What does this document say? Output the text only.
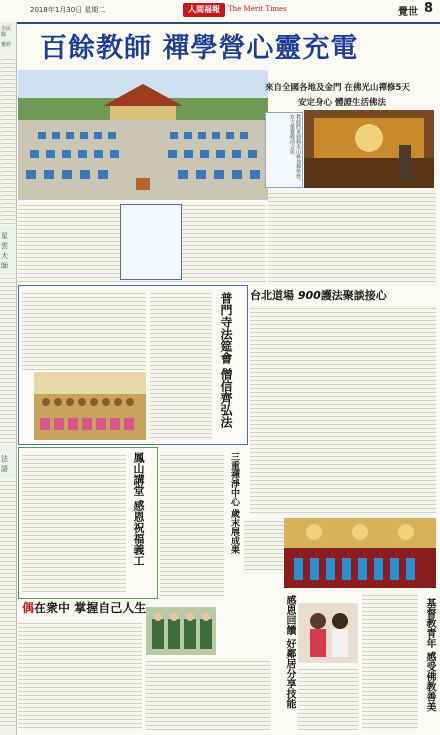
2018年1月30日 星期二	人間福報	The Merit Times	覺世 8
全民醫
蜜經
星
雲
大
師
法
語
百餘教師 禪學營心靈充電
來自全國各地及金門 在佛光山禪修5天
安定身心 體證生活佛法
教師們來到佛光山參加禪學營，在大雄寶殿前合影。
台北道場 900護法聚談接心
普門寺法筵會 僧信齊弘法
鳳山講堂 感恩祝福義工	三重禪淨中心 歲末展成果
偶在衆中 掌握自己人生	感恩回饋 好鄰居分享技能	基督教青年 感受佛教善美
